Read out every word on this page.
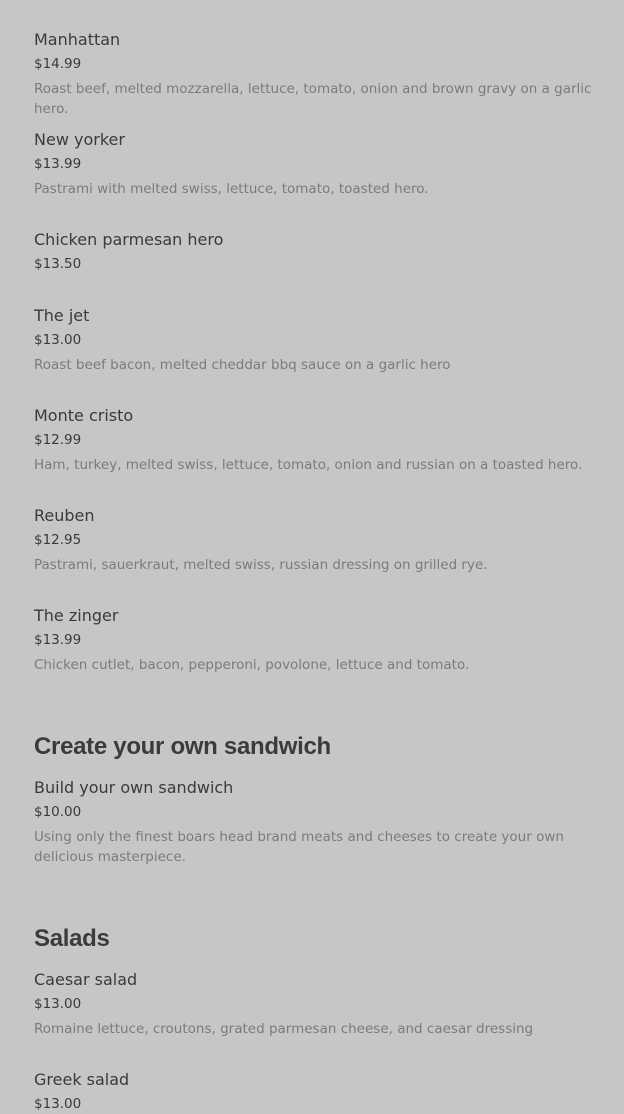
Manhattan
$14.99
Roast beef, melted mozzarella, lettuce, tomato, onion and brown gravy on a garlic hero.
New yorker
$13.99
Pastrami with melted swiss, lettuce, tomato, toasted hero.
Chicken parmesan hero
$13.50
The jet
$13.00
Roast beef bacon, melted cheddar bbq sauce on a garlic hero
Monte cristo
$12.99
Ham, turkey, melted swiss, lettuce, tomato, onion and russian on a toasted hero.
Reuben
$12.95
Pastrami, sauerkraut, melted swiss, russian dressing on grilled rye.
The zinger
$13.99
Chicken cutlet, bacon, pepperoni, povolone, lettuce and tomato.
Create your own sandwich
Build your own sandwich
$10.00
Using only the finest boars head brand meats and cheeses to create your own delicious masterpiece.
Salads
Caesar salad
$13.00
Romaine lettuce, croutons, grated parmesan cheese, and caesar dressing
Greek salad
$13.00
